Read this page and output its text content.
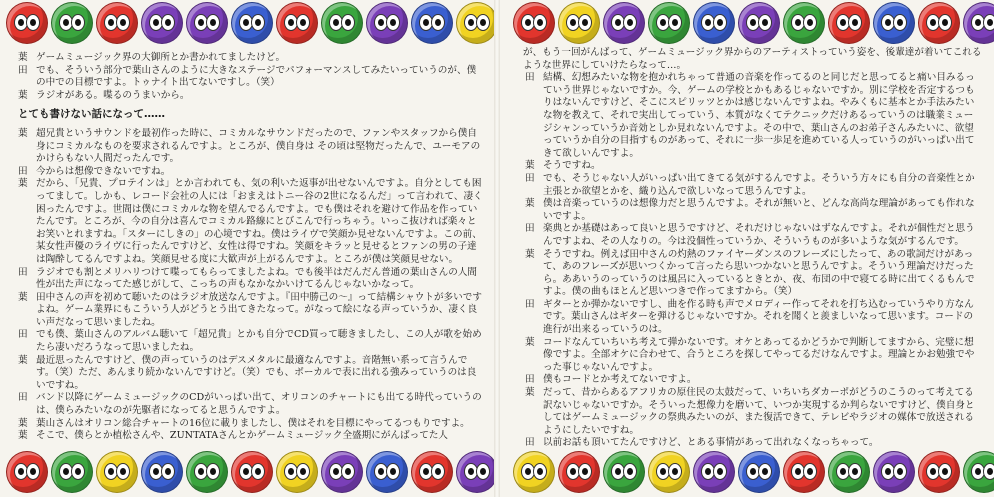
葉 ゲームミュージック界の大御所とか書かれてましたけど。
田 でも、そういう部分で葉山さんのように大きなステージでパフォーマンスしてみたいっていうのが、僕の中での目標ですよ。トゥナイト出てないですし。（笑）
葉 ラジオがある。喋るのうまいから。
とても書けない話になって……
葉 超兄貴というサウンドを最初作った時に、コミカルなサウンドだったので、ファンやスタッフから僕自身にコミカルなものを要求されるんですよ。ところが、僕自身は その頃は堅物だったんで、ユーモアのかけらもない人間だったんです。
田 今からは想像できないですね。
葉 だから、「兄貴、プロテインは」とか言われても、気の利いた返事が出せないんですよ。自分としても困ってまして。しかも、レコード会社の人には「おまえはトニー谷の2世になるんだ」って言われて、凄く困ったんですよ。世間は僕にコミカルな物を望んでるんですよ。でも僕はそれを避けて作品を作っていたんです。ところが、今の自分は喜んでコミカル路線にとびこんで行っちゃう。いっこ抜ければ楽々とお笑いとれますね。「スターにしきの」の心境ですね。僕はライヴで笑顔か見せないんですよ。この前、某女性声優のライヴに行ったんですけど、女性は得ですね。笑顔をキラッと見せるとファンの男の子達は陶酔してるんですよね。笑顔見せる度に大歓声が上がるんですよ。ところが僕は笑顔見せない。
田 ラジオでも割とメリハリつけて喋ってもらってましたよね。でも後半はだんだん普通の葉山さんの人間性が出た声になってた感じがして、こっちの声もなかなかいけてるんじゃないかなって。
葉 田中さんの声を初めて聴いたのはラジオ放送なんですよ。『田中勝己の〜』って結構シャウトが多いですよね。ゲーム業界にもこういう人がどうとう出てきたなって。がなって絵になる声っていうか、凄く良い声だなって思いましたね。
田 でも僕、葉山さんのアルバム聴いて「超兄貴」とかも自分でCD買って聴きましたし、この人が歌を始めたら凄いだろうなって思いましたね。
葉 最近思ったんですけど、僕の声っていうのはデスメタルに最適なんですよ。音階無い系って言うんです。（笑）ただ、あんまり続かないんですけど。（笑）でも、ボーカルで表に出れる強みっていうのは良いですね。
田 バンド以降にゲームミュージックのCDがいっぱい出て、オリコンのチャートにも出てる時代っていうのは、僕らみたいなのが先駆者になってると思うんですよ。
葉 葉山さんはオリコン総合チャートの16位に載りましたし、僕はそれを目標にやってるつもりですよ。
葉 そこで、僕らとか植松さんや、ZUNTATAさんとかゲームミュージック全盛期にがんばってた人
が、もう一回がんばって、ゲームミュージック界からのアーティストっていう姿を、後輩達が着いてこれるような世界にしていけたらなって…。
田 結構、幻想みたいな物を抱かれちゃって普通の音楽を作ってるのと同じだと思ってると痛い目みるっていう世界じゃないですか。今、ゲームの学校とかもあるじゃないですか。別に学校を否定するつもりはないんですけど、そこにスピリッツとかは感じないんですよね。やみくもに基本とか手法みたいな物を教えて、それで実出してっていう、本質がなくてテクニックだけあるっていうのは職業ミュージシャンっていうか音効としか見れないんですよ。その中で、葉山さんのお弟子さんみたいに、欲望っていうか自分の目指すものがあって、それに一歩一歩足を進めている人っていうのがいっぱい出てきて欲しいんですよ。
葉 そうですね。
田 でも、そうじゃない人がいっぱい出てきてる気がするんですよ。そういう方々にも自分の音楽性とか主張とか欲望とかを、織り込んで欲しいなって思うんですよ。
葉 僕は音楽っていうのは想像力だと思うんですよ。それが無いと、どんな高尚な理論があっても作れないですよ。
田 楽典とか基礎はあって良いと思うですけど、それだけじゃないはずなんですよ。それが個性だと思うんですよね、その人なりの。今は没個性っていうか、そういうものが多いような気がするんです。
葉 そうですね。例えば田中さんの灼熱のファイヤーダンスのフレーズにしたって、あの歌詞だけがあって、あのフレーズが思いつくかって言ったら思いつかないと思うんですよ。そういう理論だけだったら。ああいうのっていうのは風呂に入っているときとか、夜、布団の中で寝てる時に出てくるもんですよ。僕の曲もほとんど思いつきで作ってますから。（笑）
田 ギターとか弾かないですし、曲を作る時も声でメロディー作ってそれを打ち込むっていうやり方なんです。葉山さんはギターを弾けるじゃないですか。それを聞くと羨ましいなって思います。コードの進行が出来るっていうのは。
葉 コードなんていちいち考えて弾かないです。オケとあってるかどうかで判断してますから、完璧に想像ですよ。全部オケに合わせて、合うところを探してやってるだけなんですよ。理論とかお勉強でやった事じゃないんですよ。
田 僕もコードとか考えてないですよ。
葉 だって、昔からあるアフリカの原住民の太鼓だって、いちいちダカーポがどうのこうのって考えてる訳ないじゃないですか。そういった想像力を磨いて、いつか実現するか判らないですけど、僕自身としてはゲームミュージックの祭典みたいのが、また復活できて、テレビやラジオの媒体で放送されるようにしたいですね。
田 以前お話も頂いてたんですけど、とある事情があって出れなくなっちゃって。
